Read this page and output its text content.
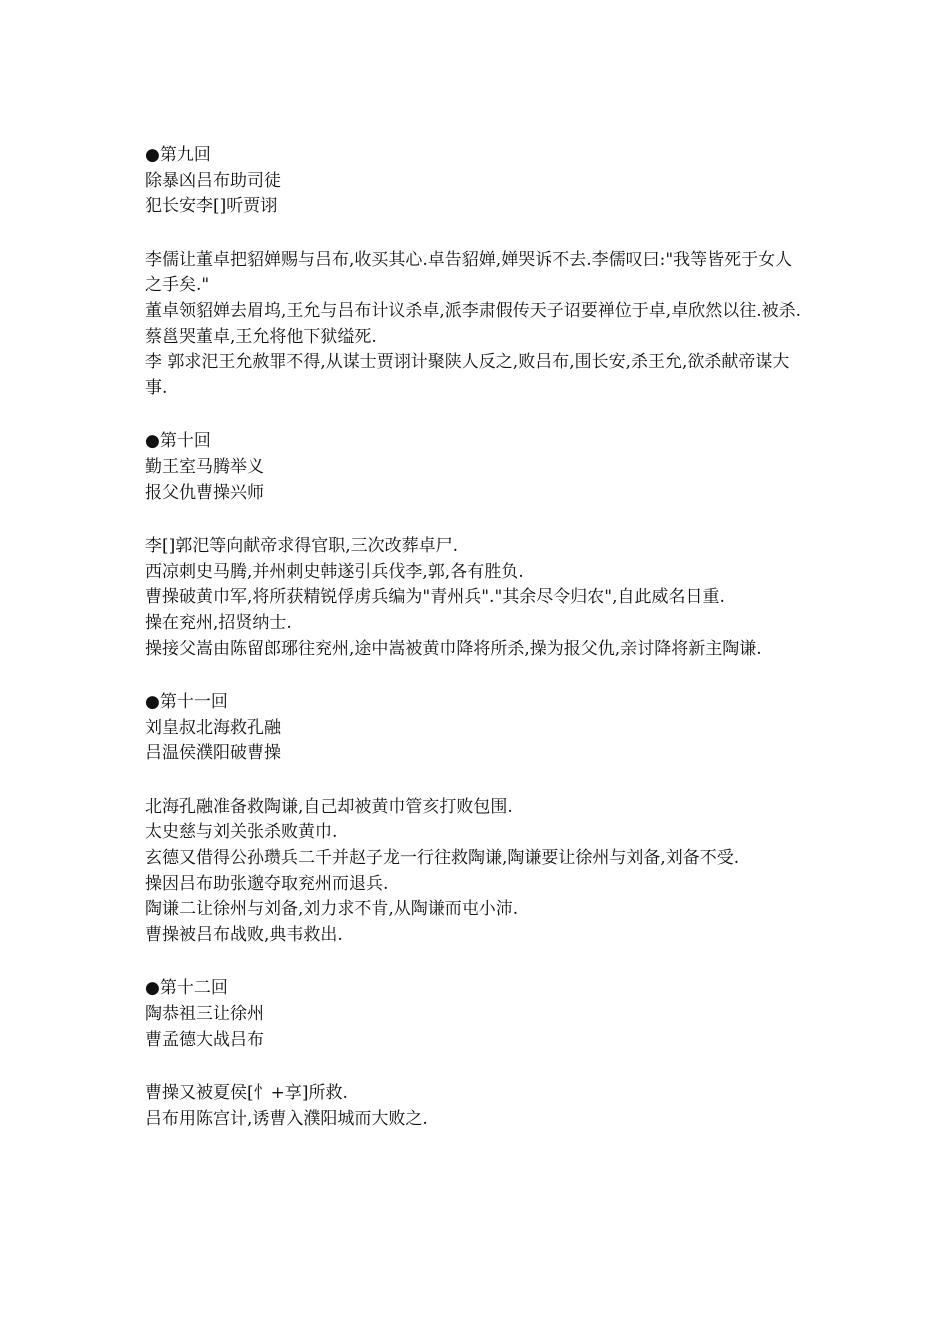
●第九回

除暴凶吕布助司徒

犯长安李[]听贾诩

李儒让董卓把貂婵赐与吕布,收买其心.卓告貂婵,婵哭诉不去.李儒叹曰:"我等皆死于女人之手矣."

董卓领貂婵去眉坞,王允与吕布计议杀卓,派李肃假传天子诏要禅位于卓,卓欣然以往.被杀.

蔡邕哭董卓,王允将他下狱缢死.

李 郭求汜王允赦罪不得,从谋士贾诩计聚陕人反之,败吕布,围长安,杀王允,欲杀献帝谋大事.

●第十回

勤王室马腾举义

报父仇曹操兴师

李[]郭汜等向献帝求得官职,三次改葬卓尸.

西凉刺史马腾,并州刺史韩遂引兵伐李,郭,各有胜负.

曹操破黄巾军,将所获精锐俘虏兵编为"青州兵"."其余尽令归农",自此威名日重.

操在兖州,招贤纳士.

操接父嵩由陈留郎琊往兖州,途中嵩被黄巾降将所杀,操为报父仇,亲讨降将新主陶谦.

●第十一回

刘皇叔北海救孔融

吕温侯濮阳破曹操

北海孔融准备救陶谦,自己却被黄巾管亥打败包围.

太史慈与刘关张杀败黄巾.

玄德又借得公孙瓒兵二千并赵子龙一行往救陶谦,陶谦要让徐州与刘备,刘备不受.

操因吕布助张邈夺取兖州而退兵.

陶谦二让徐州与刘备,刘力求不肯,从陶谦而屯小沛.

曹操被吕布战败,典韦救出.

●第十二回

陶恭祖三让徐州

曹孟德大战吕布

曹操又被夏侯[忄+享]所救.

吕布用陈宫计,诱曹入濮阳城而大败之.
